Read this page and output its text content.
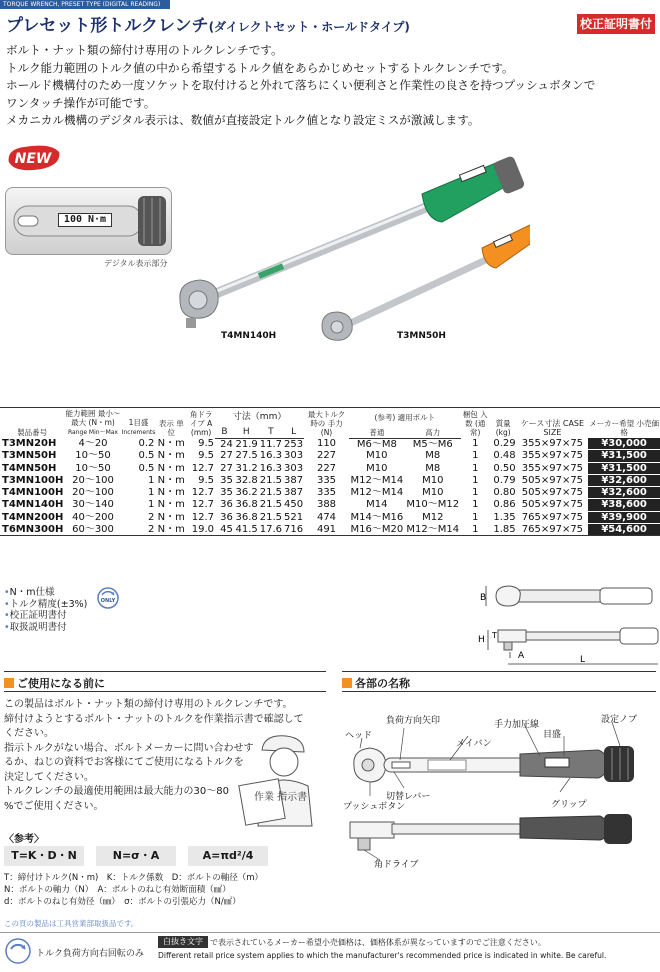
TORQUE WRENCH, PRESET TYPE (DIGITAL READING)
プレセット形トルクレンチ(ダイレクトセット・ホールドタイプ)	校正証明書付

ボルト・ナット類の締付け専用のトルクレンチです。

トルク能力範囲のトルク値の中から希望するトルク値をあらかじめセットするトルクレンチです。

ホールド機構付のため一度ソケットを取付けると外れて落ちにくい便利さと作業性の良さを持つプッシュボタンで

ワンタッチ操作が可能です。

メカニカル機構のデジタル表示は、数値が直接設定トルク値となり設定ミスが激減します。

NEW
100 N·m
デジタル表示部分
T4MN140H	T3MN50H
製品番号	能力範囲 最小〜最大 (N・m)
Range Min〜Max	1目盛
Increments	表示 単位	角ドライブ A (mm)	寸法（mm）				最大トルク 時の 手力 (N)	(参考) 適用ボルト		梱包 入数 (通常)	質量 (kg)	ケース寸法 CASE SIZE	メーカー希望 小売価格
					B	H	T	L		普通	高力				
T3MN20H	4〜20	0.2	N・m	9.5	24	21.9	11.7	253	110	M6〜M8	M5〜M6	1	0.29	355×97×75	¥30,000
T3MN50H	10〜50	0.5	N・m	9.5	27	27.5	16.3	303	227	M10	M8	1	0.48	355×97×75	¥31,500
T4MN50H	10〜50	0.5	N・m	12.7	27	31.2	16.3	303	227	M10	M8	1	0.50	355×97×75	¥31,500
T3MN100H	20〜100	1	N・m	9.5	35	32.8	21.5	387	335	M12〜M14	M10	1	0.79	505×97×75	¥32,600
T4MN100H	20〜100	1	N・m	12.7	35	36.2	21.5	387	335	M12〜M14	M10	1	0.80	505×97×75	¥32,600
T4MN140H	30〜140	1	N・m	12.7	36	36.8	21.5	450	388	M14	M10〜M12	1	0.86	505×97×75	¥38,600
T4MN200H	40〜200	2	N・m	12.7	36	36.8	21.5	521	474	M14〜M16	M12	1	1.35	765×97×75	¥39,900
T6MN300H	60〜300	2	N・m	19.0	45	41.5	17.6	716	491	M16〜M20	M12〜M14	1	1.85	765×97×75	¥54,600
•N・m仕様
•トルク精度(±3%)
•校正証明書付
•取扱説明書付
ONLY	B
H T
A	L
ご使用になる前に

この製品はボルト・ナット類の締付け専用のトルクレンチです。

締付けようとするボルト・ナットのトルクを作業指示書で確認して

ください。

指示トルクがない場合、ボルトメーカーに問い合わせす

るか、ねじの資料でお客様にてご使用になるトルクを

決定してください。

トルクレンチの最適使用範囲は最大能力の30〜80

%でご使用ください。

作業 指示書
〈参考〉
T=K・D・N	N=σ・A	A=πd²/4

T：締付けトルク(N・m)　K：トルク係数　D：ボルトの軸径（m）

N：ボルトの軸力（N）　A：ボルトのねじ有効断面積（㎟）

d：ボルトのねじ有効径（㎜）　σ：ボルトの引張応力（N/㎟）

この頁の製品は工具営業部取扱品です。
各部の名称
ヘッド
負荷方向矢印
メイバン
手力加圧線
目盛
設定ノブ
切替レバー
プッシュボタン	グリップ
角ドライブ
トルク負荷方向右回転のみ
白抜き文字 で表示されているメーカー希望小売価格は、価格体系が異なっていますのでご注意ください。
Different retail price system applies to which the manufacturer's recommended price is indicated in white. Be careful.
